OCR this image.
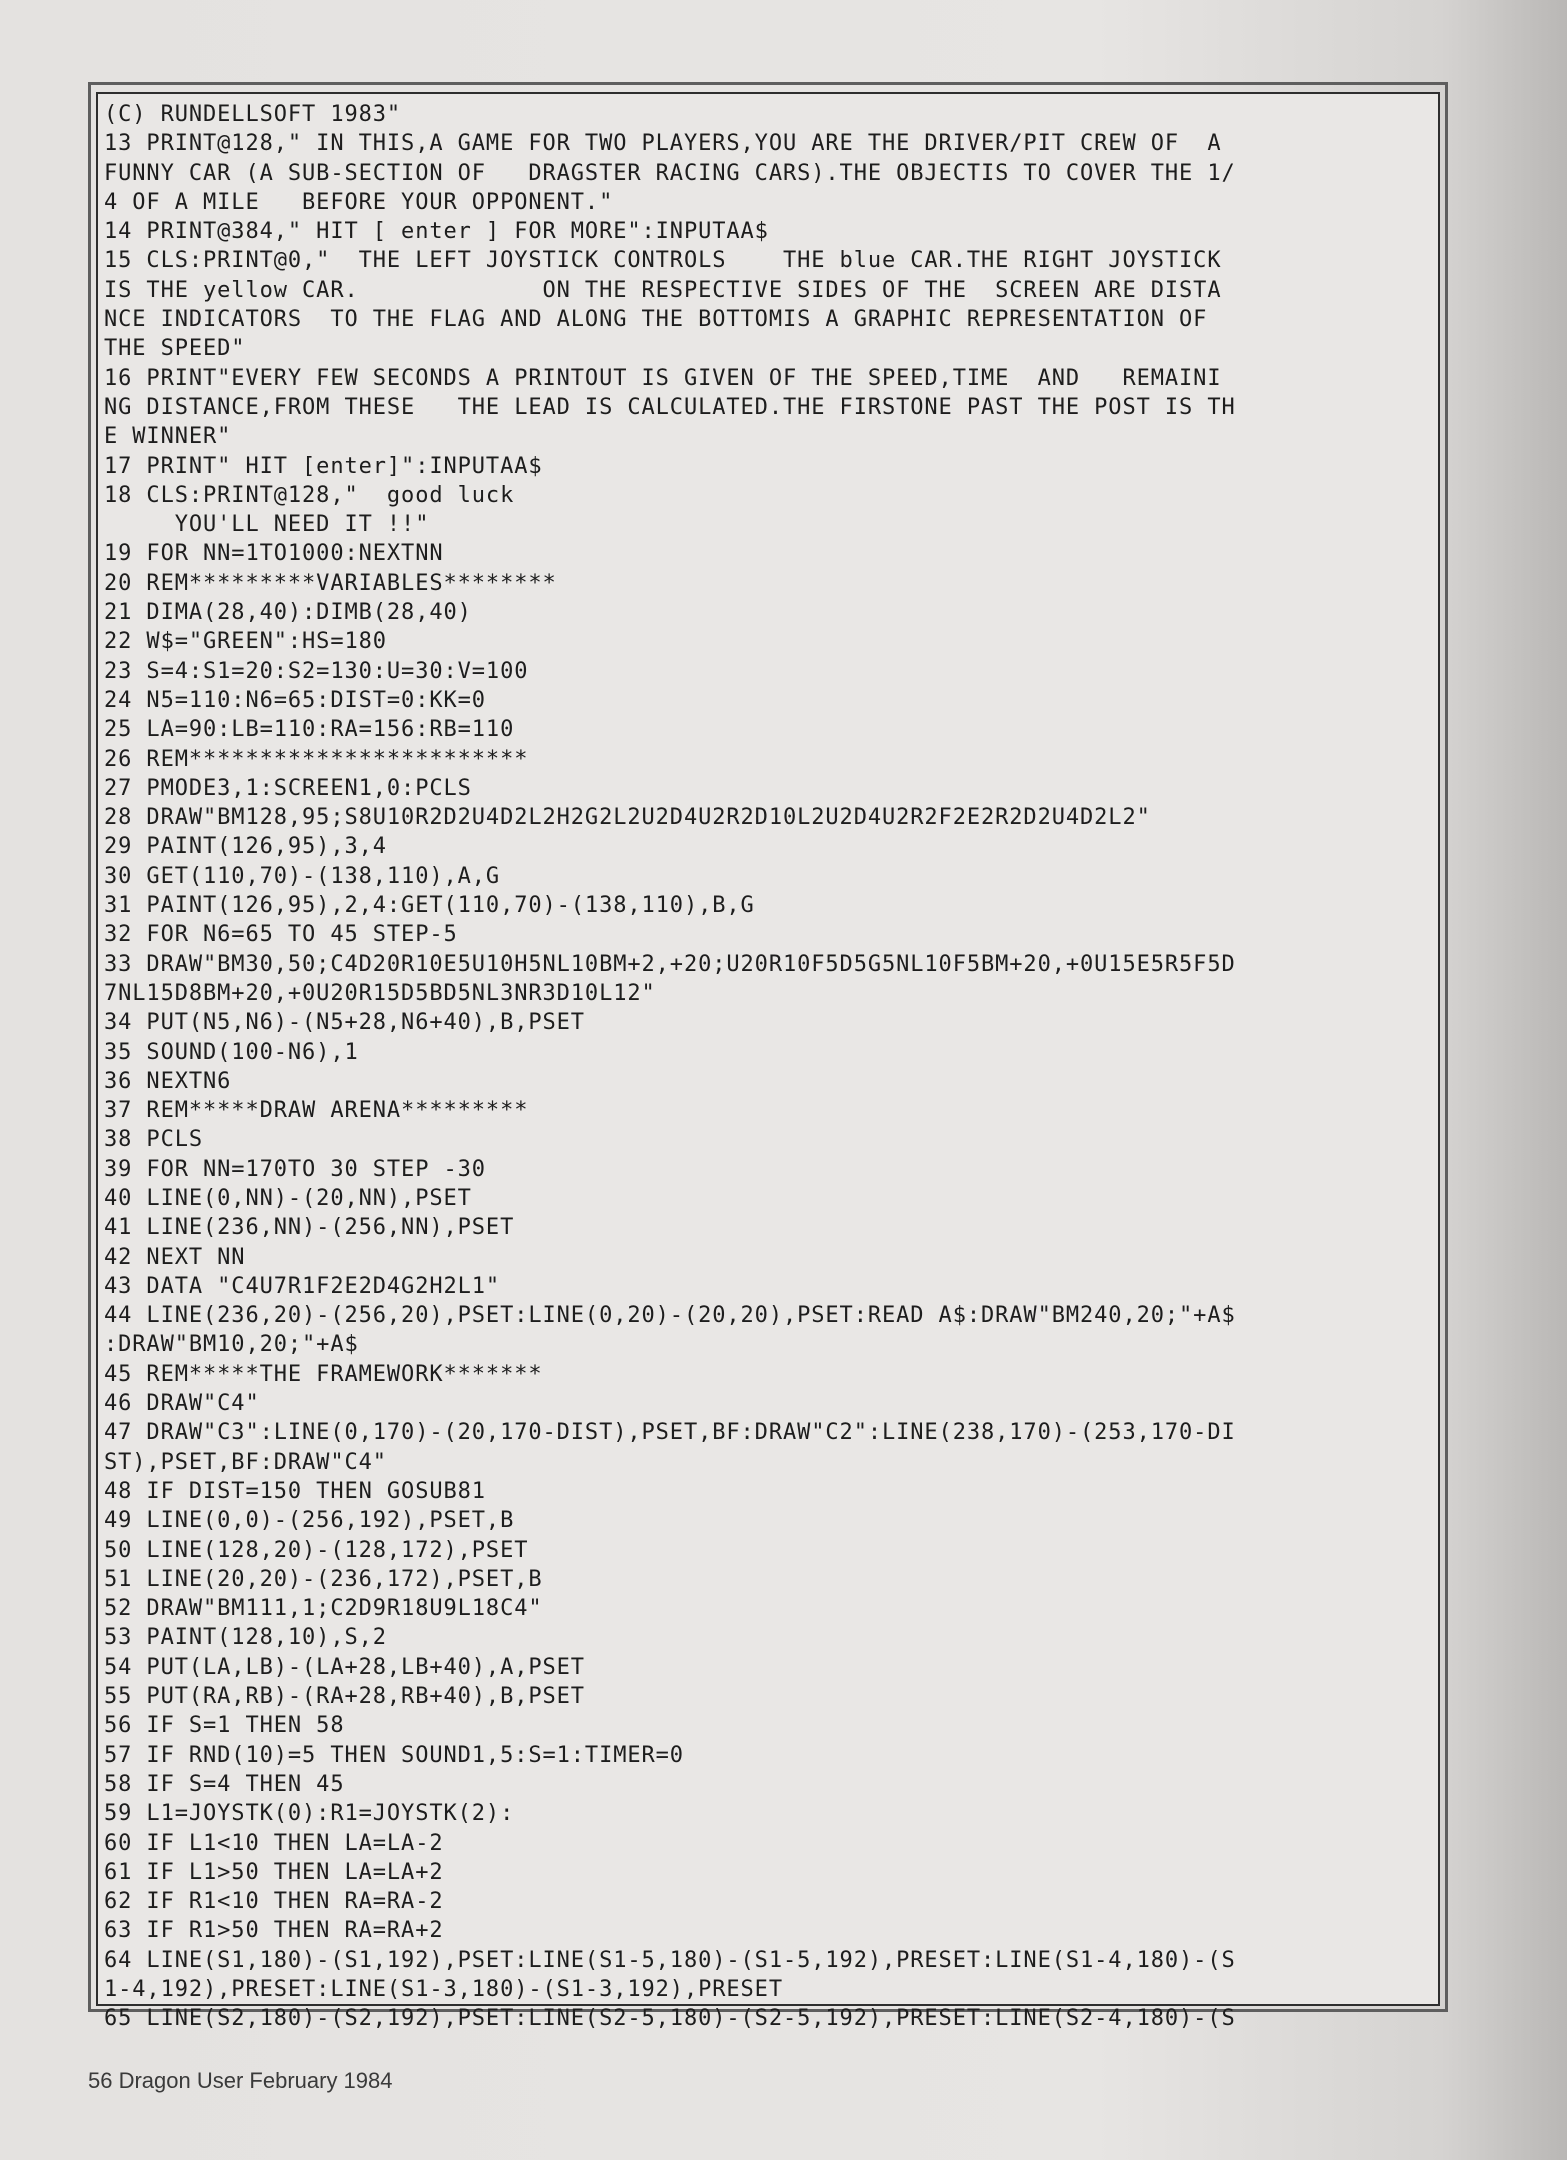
(C) RUNDELLSOFT 1983"
13 PRINT@128," IN THIS,A GAME FOR TWO PLAYERS,YOU ARE THE DRIVER/PIT CREW OF  A
FUNNY CAR (A SUB-SECTION OF   DRAGSTER RACING CARS).THE OBJECTIS TO COVER THE 1/
4 OF A MILE   BEFORE YOUR OPPONENT."
14 PRINT@384," HIT [ enter ] FOR MORE":INPUTAA$
15 CLS:PRINT@0,"  THE LEFT JOYSTICK CONTROLS    THE blue CAR.THE RIGHT JOYSTICK
IS THE yellow CAR.             ON THE RESPECTIVE SIDES OF THE  SCREEN ARE DISTA
NCE INDICATORS  TO THE FLAG AND ALONG THE BOTTOMIS A GRAPHIC REPRESENTATION OF
THE SPEED"
16 PRINT"EVERY FEW SECONDS A PRINTOUT IS GIVEN OF THE SPEED,TIME  AND   REMAINI
NG DISTANCE,FROM THESE   THE LEAD IS CALCULATED.THE FIRSTONE PAST THE POST IS TH
E WINNER"
17 PRINT" HIT [enter]":INPUTAA$
18 CLS:PRINT@128,"  good luck
YOU'LL NEED IT !!"
19 FOR NN=1TO1000:NEXTNN
20 REM*********VARIABLES********
21 DIMA(28,40):DIMB(28,40)
22 W$="GREEN":HS=180
23 S=4:S1=20:S2=130:U=30:V=100
24 N5=110:N6=65:DIST=0:KK=0
25 LA=90:LB=110:RA=156:RB=110
26 REM************************
27 PMODE3,1:SCREEN1,0:PCLS
28 DRAW"BM128,95;S8U10R2D2U4D2L2H2G2L2U2D4U2R2D10L2U2D4U2R2F2E2R2D2U4D2L2"
29 PAINT(126,95),3,4
30 GET(110,70)-(138,110),A,G
31 PAINT(126,95),2,4:GET(110,70)-(138,110),B,G
32 FOR N6=65 TO 45 STEP-5
33 DRAW"BM30,50;C4D20R10E5U10H5NL10BM+2,+20;U20R10F5D5G5NL10F5BM+20,+0U15E5R5F5D
7NL15D8BM+20,+0U20R15D5BD5NL3NR3D10L12"
34 PUT(N5,N6)-(N5+28,N6+40),B,PSET
35 SOUND(100-N6),1
36 NEXTN6
37 REM*****DRAW ARENA*********
38 PCLS
39 FOR NN=170TO 30 STEP -30
40 LINE(0,NN)-(20,NN),PSET
41 LINE(236,NN)-(256,NN),PSET
42 NEXT NN
43 DATA "C4U7R1F2E2D4G2H2L1"
44 LINE(236,20)-(256,20),PSET:LINE(0,20)-(20,20),PSET:READ A$:DRAW"BM240,20;"+A$
:DRAW"BM10,20;"+A$
45 REM*****THE FRAMEWORK*******
46 DRAW"C4"
47 DRAW"C3":LINE(0,170)-(20,170-DIST),PSET,BF:DRAW"C2":LINE(238,170)-(253,170-DI
ST),PSET,BF:DRAW"C4"
48 IF DIST=150 THEN GOSUB81
49 LINE(0,0)-(256,192),PSET,B
50 LINE(128,20)-(128,172),PSET
51 LINE(20,20)-(236,172),PSET,B
52 DRAW"BM111,1;C2D9R18U9L18C4"
53 PAINT(128,10),S,2
54 PUT(LA,LB)-(LA+28,LB+40),A,PSET
55 PUT(RA,RB)-(RA+28,RB+40),B,PSET
56 IF S=1 THEN 58
57 IF RND(10)=5 THEN SOUND1,5:S=1:TIMER=0
58 IF S=4 THEN 45
59 L1=JOYSTK(0):R1=JOYSTK(2):
60 IF L1<10 THEN LA=LA-2
61 IF L1>50 THEN LA=LA+2
62 IF R1<10 THEN RA=RA-2
63 IF R1>50 THEN RA=RA+2
64 LINE(S1,180)-(S1,192),PSET:LINE(S1-5,180)-(S1-5,192),PRESET:LINE(S1-4,180)-(S
1-4,192),PRESET:LINE(S1-3,180)-(S1-3,192),PRESET
65 LINE(S2,180)-(S2,192),PSET:LINE(S2-5,180)-(S2-5,192),PRESET:LINE(S2-4,180)-(S
56 Dragon User February 1984
